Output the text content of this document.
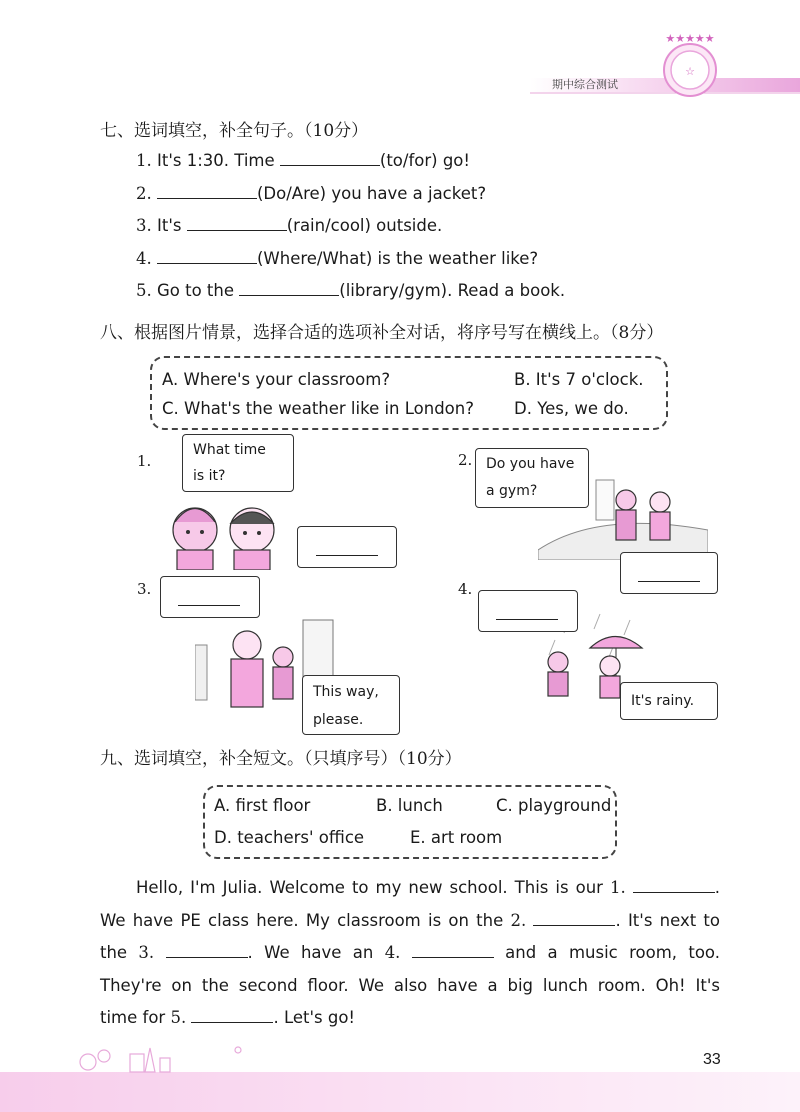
☆
★★★★★
期中综合测试
七、选词填空，补全句子。（10分）
1. It's 1:30. Time	(to/for) go!
2.	(Do/Are) you have a jacket?
3. It's	(rain/cool) outside.
4.	(Where/What) is the weather like?
5. Go to the	(library/gym). Read a book.
八、根据图片情景，选择合适的选项补全对话，将序号写在横线上。（8分）
A. Where's your classroom?	B. It's 7 o'clock.
C. What's the weather like in London? D. Yes, we do.
1.
What time
is it?
2. Do you have
a gym?
3.
This way,
please.
4.
It's rainy.
九、选词填空，补全短文。（只填序号）（10分）
A. first floor	B. lunch	C. playground
D. teachers' office	E. art room
Hello, I'm Julia. Welcome to my new school. This is our 1.	.
We have PE class here. My classroom is on the 2.	. It's next to
the 3.	. We have an 4.	and a music room, too.
They're on the second floor. We also have a big lunch room. Oh! It's
time for 5.	. Let's go!
33
